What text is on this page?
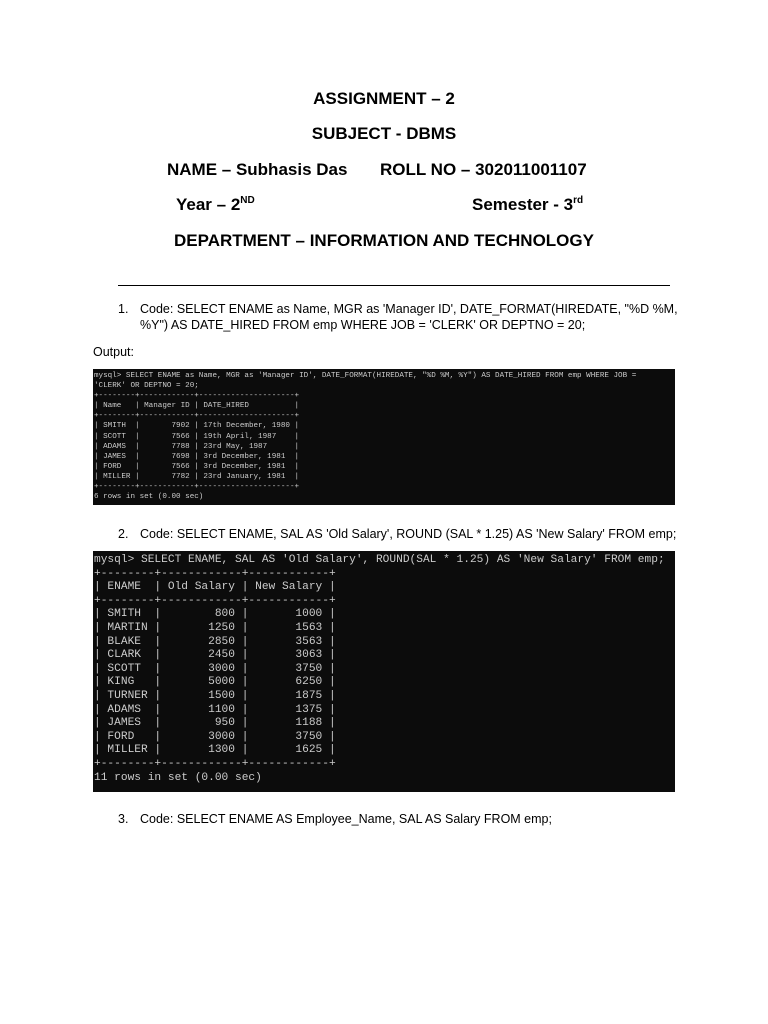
ASSIGNMENT – 2
SUBJECT - DBMS
NAME – Subhasis Das ROLL NO – 302011001107
Year – 2ND	Semester - 3rd
DEPARTMENT – INFORMATION AND TECHNOLOGY
1. Code: SELECT ENAME as Name, MGR as 'Manager ID', DATE_FORMAT(HIREDATE, "%D %M,
%Y") AS DATE_HIRED FROM emp WHERE JOB = 'CLERK' OR DEPTNO = 20;
Output:
mysql> SELECT ENAME as Name, MGR as 'Manager ID', DATE_FORMAT(HIREDATE, "%D %M, %Y") AS DATE_HIRED FROM emp WHERE JOB =
'CLERK' OR DEPTNO = 20;
+--------+------------+---------------------+
| Name   | Manager ID | DATE_HIRED          |
+--------+------------+---------------------+
| SMITH  |       7902 | 17th December, 1980 |
| SCOTT  |       7566 | 19th April, 1987    |
| ADAMS  |       7788 | 23rd May, 1987      |
| JAMES  |       7698 | 3rd December, 1981  |
| FORD   |       7566 | 3rd December, 1981  |
| MILLER |       7782 | 23rd January, 1981  |
+--------+------------+---------------------+
6 rows in set (0.00 sec)
2. Code: SELECT ENAME, SAL AS 'Old Salary', ROUND (SAL * 1.25) AS 'New Salary' FROM emp;
mysql> SELECT ENAME, SAL AS 'Old Salary', ROUND(SAL * 1.25) AS 'New Salary' FROM emp;
+--------+------------+------------+
| ENAME  | Old Salary | New Salary |
+--------+------------+------------+
| SMITH  |        800 |       1000 |
| MARTIN |       1250 |       1563 |
| BLAKE  |       2850 |       3563 |
| CLARK  |       2450 |       3063 |
| SCOTT  |       3000 |       3750 |
| KING   |       5000 |       6250 |
| TURNER |       1500 |       1875 |
| ADAMS  |       1100 |       1375 |
| JAMES  |        950 |       1188 |
| FORD   |       3000 |       3750 |
| MILLER |       1300 |       1625 |
+--------+------------+------------+
11 rows in set (0.00 sec)
3. Code: SELECT ENAME AS Employee_Name, SAL AS Salary FROM emp;
